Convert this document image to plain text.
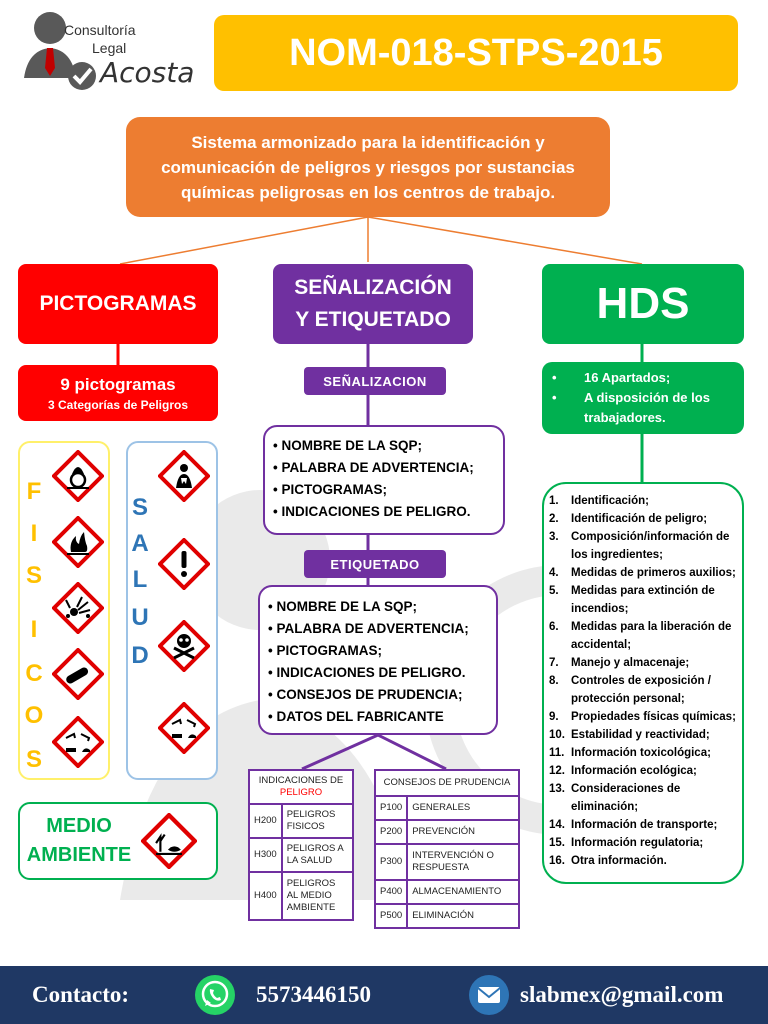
Consultoría
Legal
Acosta	NOM-018-STPS-2015
Sistema armonizado para la identificación y comunicación de peligros y riesgos por sustancias químicas peligrosas en los centros de trabajo.
PICTOGRAMAS
9 pictogramas
3 Categorías de Peligros
F
I
S
I
C
O
S
S
A
L
U
D
MEDIO
AMBIENTE
SEÑALIZACIÓN
Y ETIQUETADO
SEÑALIZACION
• NOMBRE DE LA SQP;
• PALABRA DE ADVERTENCIA;
• PICTOGRAMAS;
• INDICACIONES DE PELIGRO.
ETIQUETADO
• NOMBRE DE LA SQP;
• PALABRA DE ADVERTENCIA;
• PICTOGRAMAS;
• INDICACIONES DE PELIGRO.
• CONSEJOS DE PRUDENCIA;
• DATOS DEL FABRICANTE
INDICACIONES DE
PELIGRO	
H200	PELIGROS FISICOS
H300	PELIGROS A LA SALUD
H400	PELIGROS AL MEDIO AMBIENTE
CONSEJOS DE PRUDENCIA	
P100	GENERALES
P200	PREVENCIÓN
P300	INTERVENCIÓN O RESPUESTA
P400	ALMACENAMIENTO
P500	ELIMINACIÓN
HDS
•	16 Apartados;
•	A disposición de los trabajadores.
1.	Identificación;
2.	Identificación de peligro;
3.	Composición/información de los ingredientes;
4.	Medidas de primeros auxilios;
5.	Medidas para extinción de incendios;
6.	Medidas para la liberación de accidental;
7.	Manejo y almacenaje;
8.	Controles de exposición / protección personal;
9.	Propiedades físicas químicas;
10. Estabilidad y reactividad;
11. Información toxicológica;
12. Información ecológica;
13. Consideraciones de eliminación;
14. Información de transporte;
15. Información regulatoria;
16. Otra información.
Contacto:	5573446150	slabmex@gmail.com
